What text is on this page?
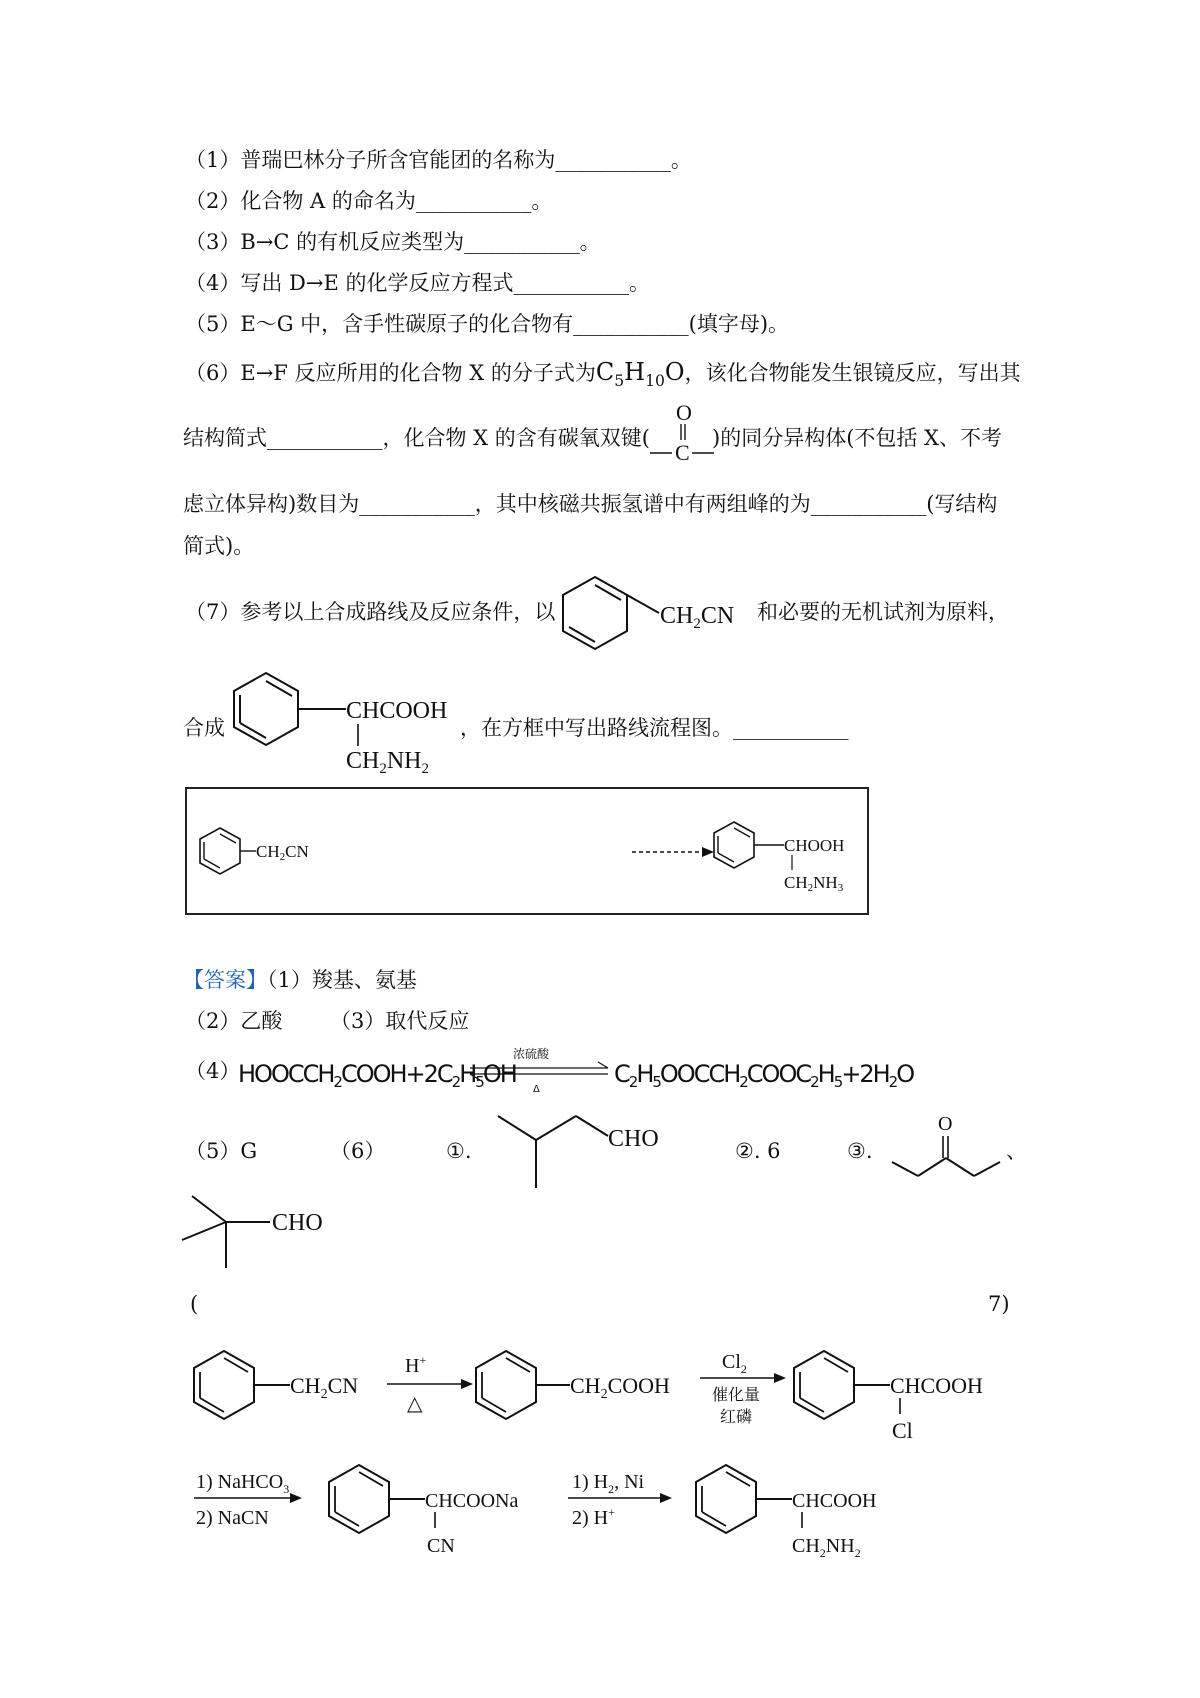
（1）普瑞巴林分子所含官能团的名称为___________。
（2）化合物 A 的命名为___________。
（3）B→C 的有机反应类型为___________。
（4）写出 D→E 的化学反应方程式___________。
（5）E～G 中，含手性碳原子的化合物有___________(填字母)。
（6）E→F 反应所用的化合物 X 的分子式为$C_5H_{10}O$，该化合物能发生银镜反应，写出其
结构简式___________，化合物 X 的含有碳氧双键(	)的同分异构体(不包括 X、不考
O
C
虑立体异构)数目为___________，其中核磁共振氢谱中有两组峰的为___________(写结构
简式)。
（7）参考以上合成路线及反应条件，以	$CH_2CN$ 和必要的无机试剂为原料，
合成
CHCOOH
$CH_2NH_2$
，在方框中写出路线流程图。___________
CH2CN	CHOOH
CH2NH3
【答案】（1）羧基、氨基
（2）乙酸 （3）取代反应
（4）
$HOOCCH_2COOH+2C_2H_5OH$
浓硫酸
Δ
$C_2H_5OOCCH_2COOC_2H_5+2H_2O$
（5）G	（6）	①.	CHO	②. 6	③.
O
、
CHO
(	7)
$CH_2CN$
H+
△
$CH_2COOH$
$Cl_2$
催化量
红磷
CHCOOH
Cl
1) NaHCO$_3$
2) NaCN
CHCOONa
CN
1) $H_2$, Ni
2) H+	CHCOOH
$CH_2NH_2$
